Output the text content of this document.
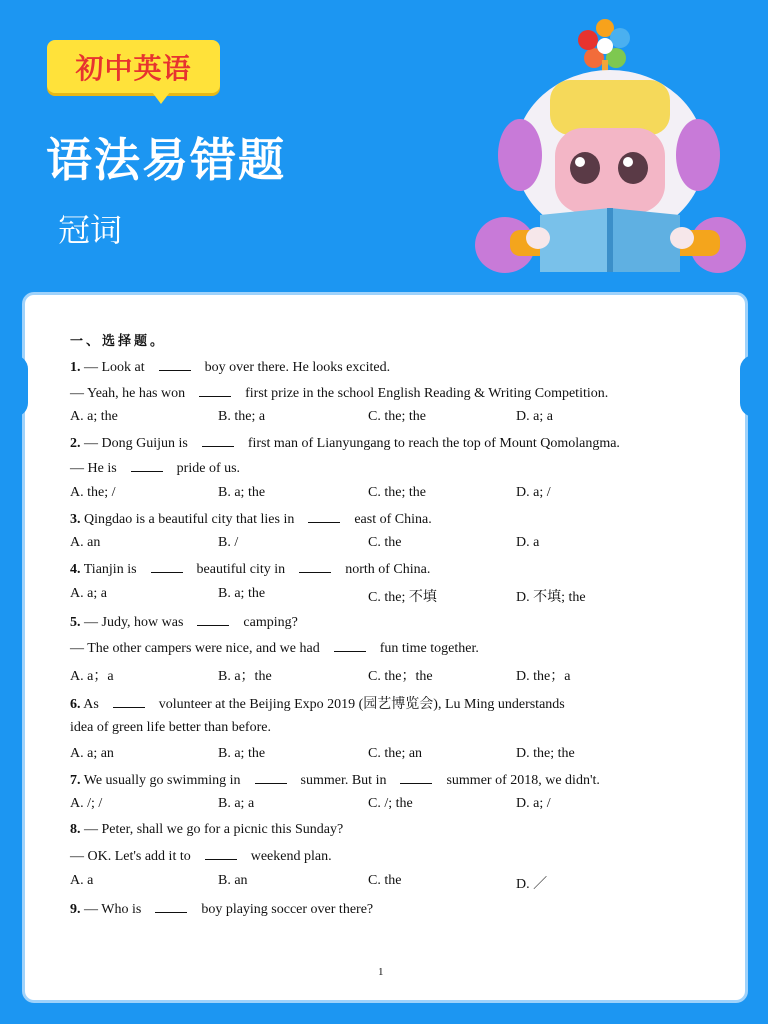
初中英语
语法易错题
冠词
一、选择题。
1. — Look at	boy over there. He looks excited.
— Yeah, he has won	first prize in the school English Reading & Writing Competition.
A. a; the	B. the; a	C. the; the	D. a; a
2. — Dong Guijun is	first man of Lianyungang to reach the top of Mount Qomolangma.
— He is	pride of us.
A. the; /	B. a; the	C. the; the	D. a; /
3. Qingdao is a beautiful city that lies in	east of China.
A. an	B. /	C. the	D. a
4. Tianjin is	beautiful city in	north of China.
A. a; a	B. a; the	C. the; 不填	D. 不填; the
5. — Judy, how was	camping?
— The other campers were nice, and we had	fun time together.
A. a；a	B. a；the	C. the；the	D. the；a
6. As	volunteer at the Beijing Expo 2019 (园艺博览会), Lu Ming understands
idea of green life better than before.
A. a; an	B. a; the	C. the; an	D. the; the
7. We usually go swimming in	summer. But in	summer of 2018, we didn't.
A. /; /	B. a; a	C. /; the	D. a; /
8. — Peter, shall we go for a picnic this Sunday?
— OK. Let's add it to	weekend plan.
A. a	B. an	C. the	D. ／
9. — Who is	boy playing soccer over there?
1
